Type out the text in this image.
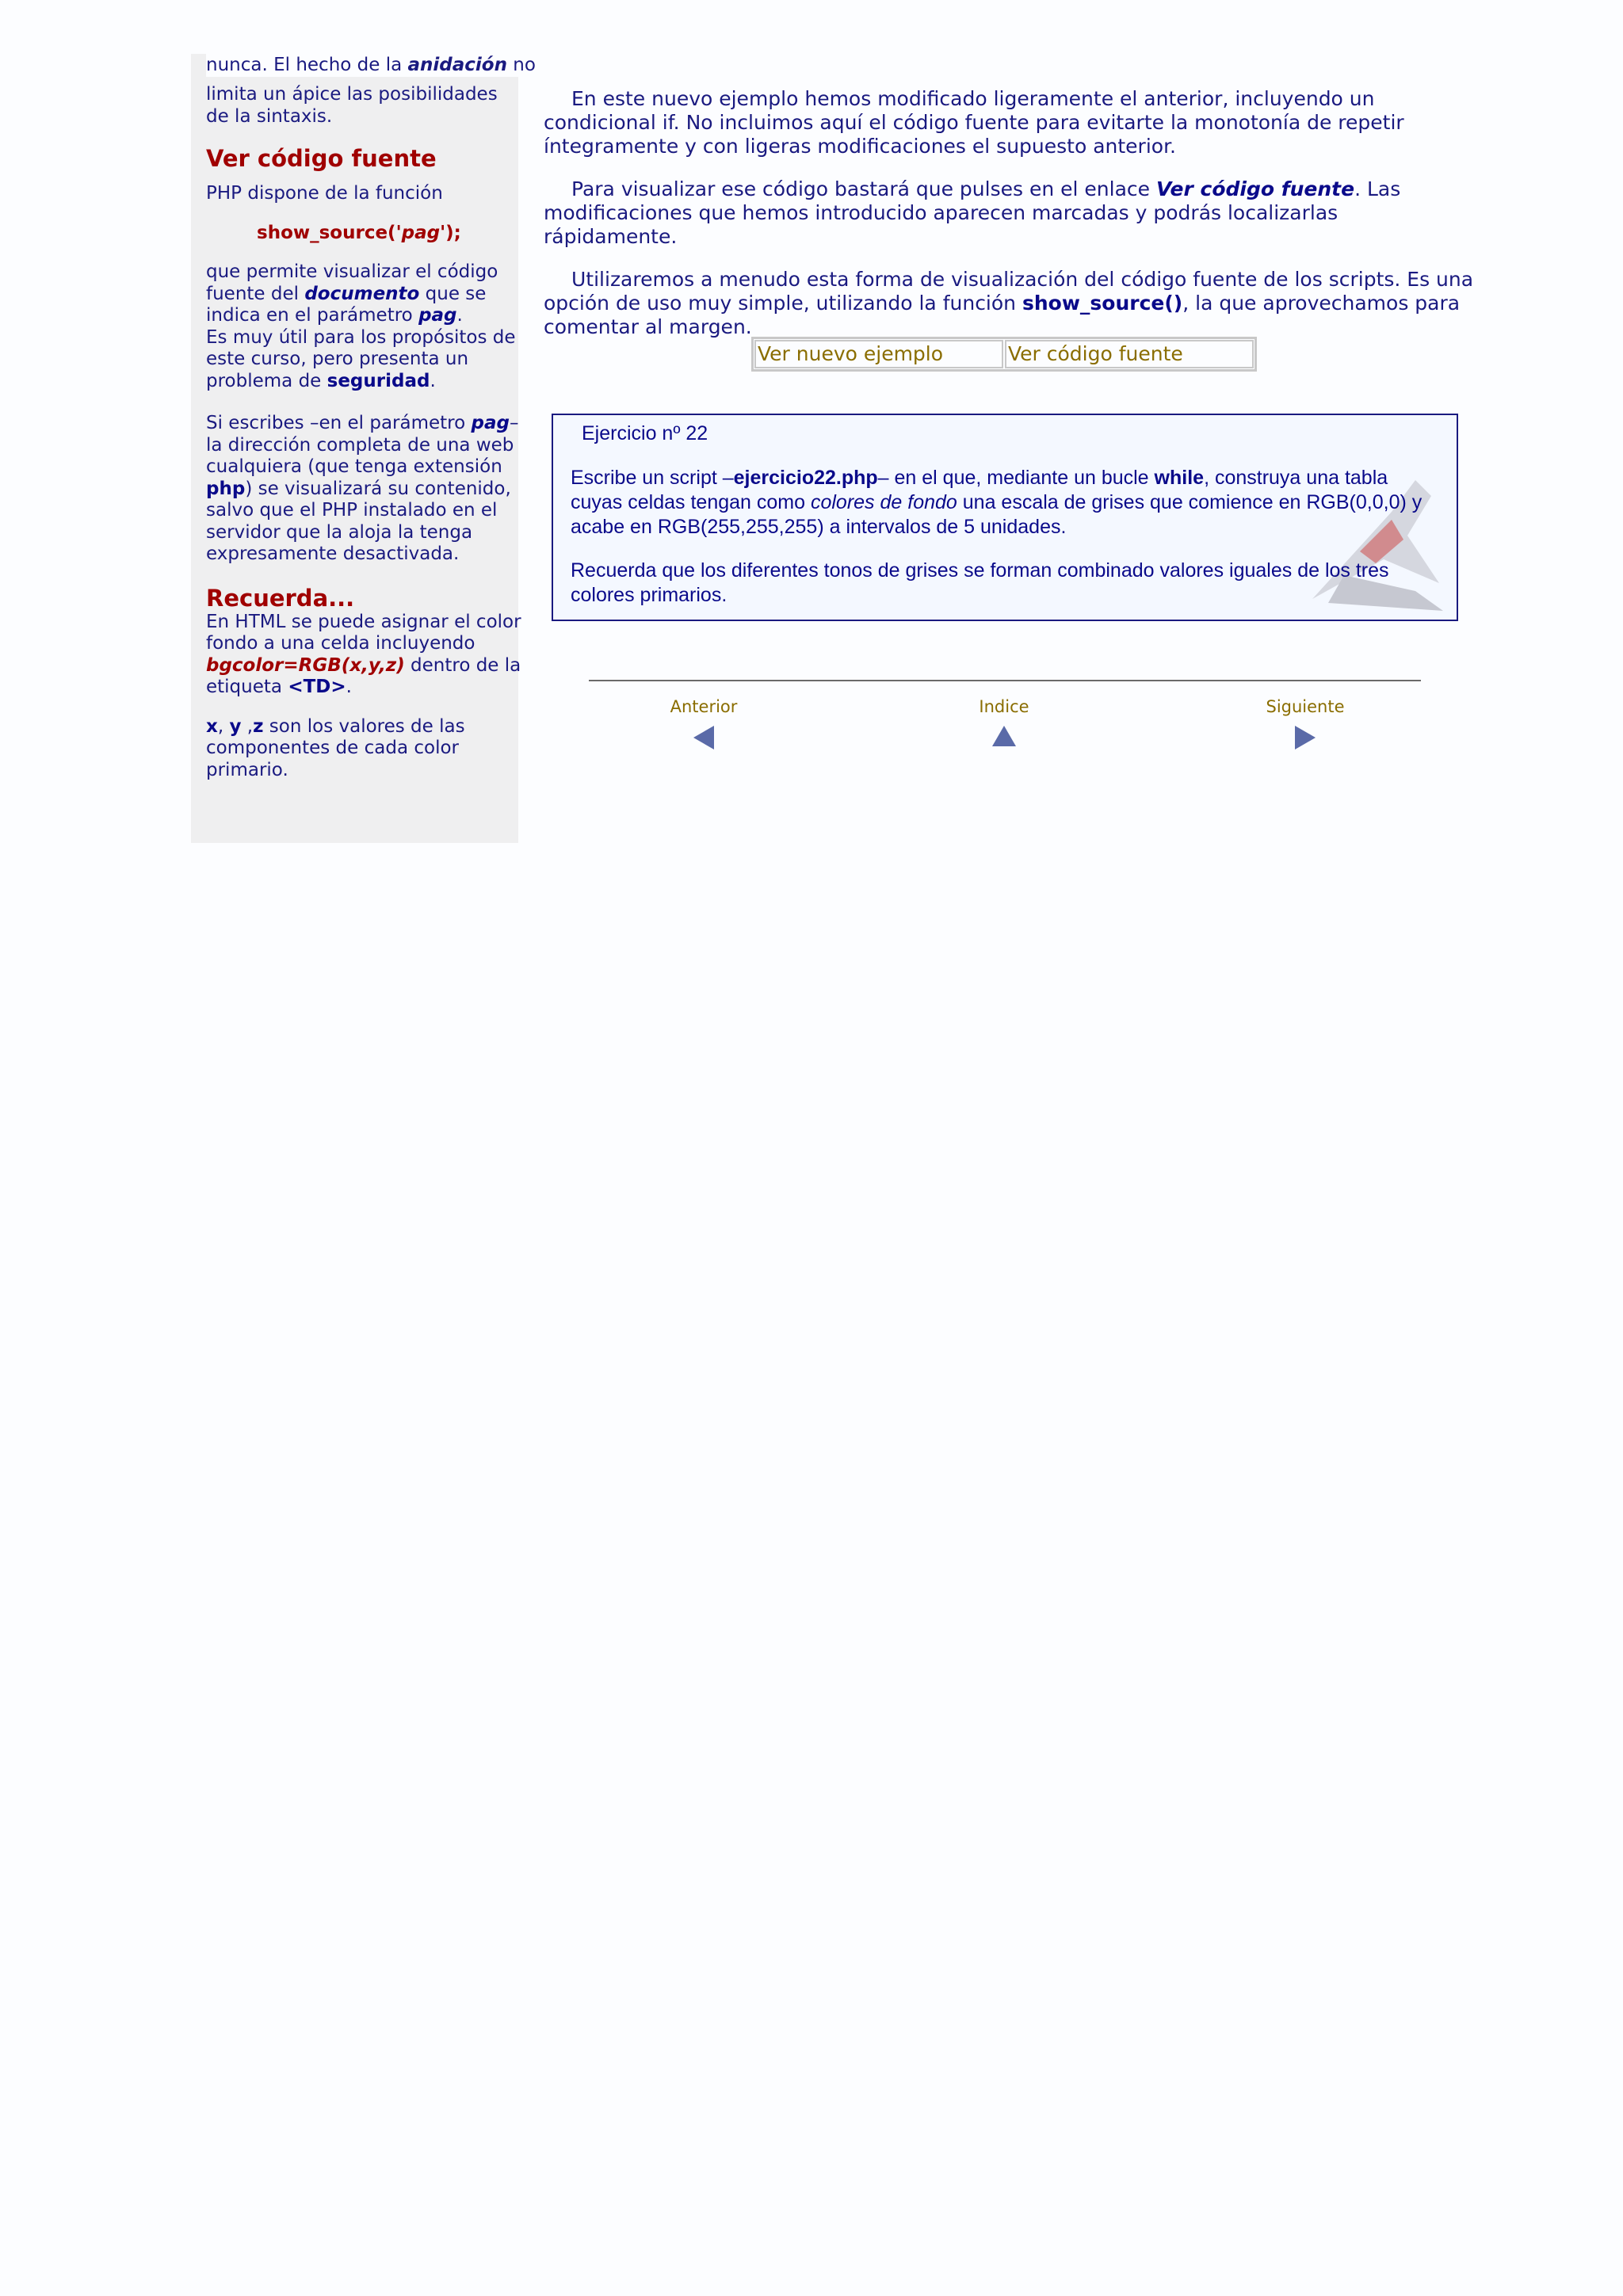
nunca. El hecho de la anidación no

limita un ápice las posibilidades de la sintaxis.

Ver código fuente

PHP dispone de la función

show_source('pag');

que permite visualizar el código fuente del documento que se indica en el parámetro pag.
Es muy útil para los propósitos de este curso, pero presenta un problema de seguridad.

Si escribes –en el parámetro pag– la dirección completa de una web cualquiera (que tenga extensión php) se visualizará su contenido, salvo que el PHP instalado en el servidor que la aloja la tenga expresamente desactivada.

Recuerda...

En HTML se puede asignar el color fondo a una celda incluyendo bgcolor=RGB(x,y,z) dentro de la etiqueta <TD>.

x, y ,z son los valores de las componentes de cada color primario.

En este nuevo ejemplo hemos modificado ligeramente el anterior, incluyendo un condicional if. No incluimos aquí el código fuente para evitarte la monotonía de repetir íntegramente y con ligeras modificaciones el supuesto anterior.

Para visualizar ese código bastará que pulses en el enlace Ver código fuente. Las modificaciones que hemos introducido aparecen marcadas y podrás localizarlas rápidamente.

Utilizaremos a menudo esta forma de visualización del código fuente de los scripts. Es una opción de uso muy simple, utilizando la función show_source(), la que aprovechamos para comentar al margen.

Ver nuevo ejemplo	Ver código fuente
Ejercicio nº 22
Escribe un script –ejercicio22.php– en el que, mediante un bucle while, construya una tabla cuyas celdas tengan como colores de fondo una escala de grises que comience en RGB(0,0,0) y acabe en RGB(255,255,255) a intervalos de 5 unidades.
Recuerda que los diferentes tonos de grises se forman combinado valores iguales de los tres colores primarios.
Anterior	Indice	Siguiente
